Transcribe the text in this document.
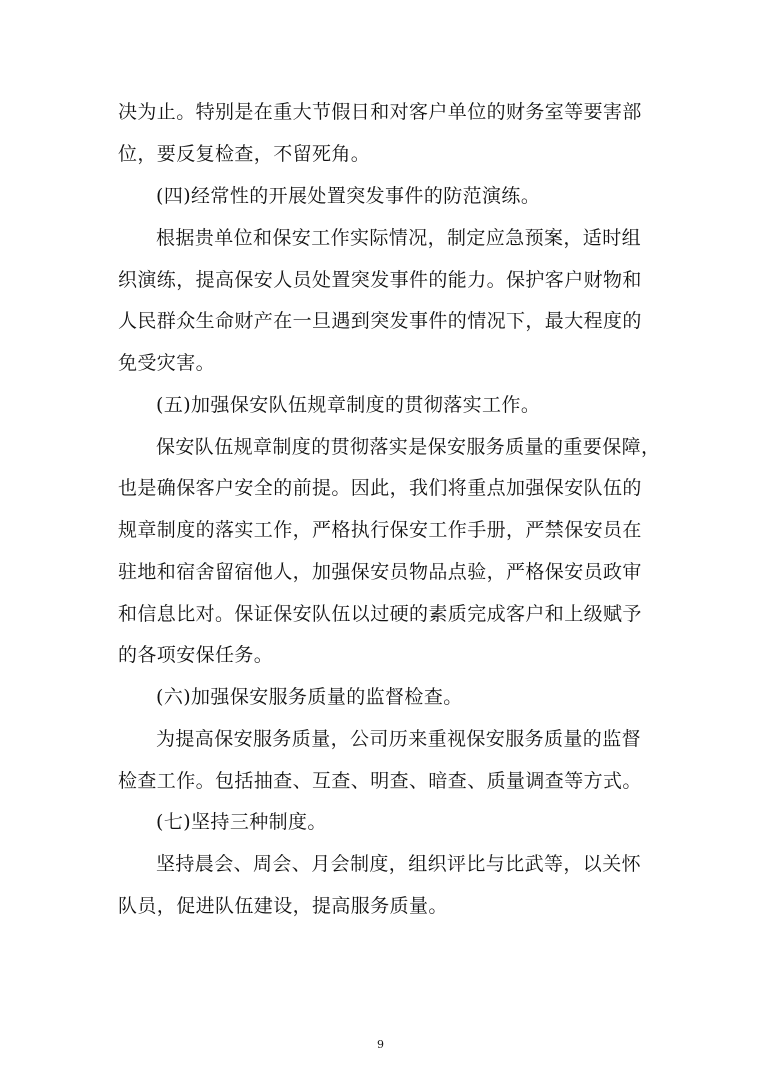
决为止。特别是在重大节假日和对客户单位的财务室等要害部
位，要反复检查，不留死角。
(四)经常性的开展处置突发事件的防范演练。
根据贵单位和保安工作实际情况，制定应急预案，适时组
织演练，提高保安人员处置突发事件的能力。保护客户财物和
人民群众生命财产在一旦遇到突发事件的情况下，最大程度的
免受灾害。
(五)加强保安队伍规章制度的贯彻落实工作。
保安队伍规章制度的贯彻落实是保安服务质量的重要保障，
也是确保客户安全的前提。因此，我们将重点加强保安队伍的
规章制度的落实工作，严格执行保安工作手册，严禁保安员在
驻地和宿舍留宿他人，加强保安员物品点验，严格保安员政审
和信息比对。保证保安队伍以过硬的素质完成客户和上级赋予
的各项安保任务。
(六)加强保安服务质量的监督检查。
为提高保安服务质量，公司历来重视保安服务质量的监督
检查工作。包括抽查、互查、明查、暗查、质量调查等方式。
(七)坚持三种制度。
坚持晨会、周会、月会制度，组织评比与比武等，以关怀
队员，促进队伍建设，提高服务质量。
9
